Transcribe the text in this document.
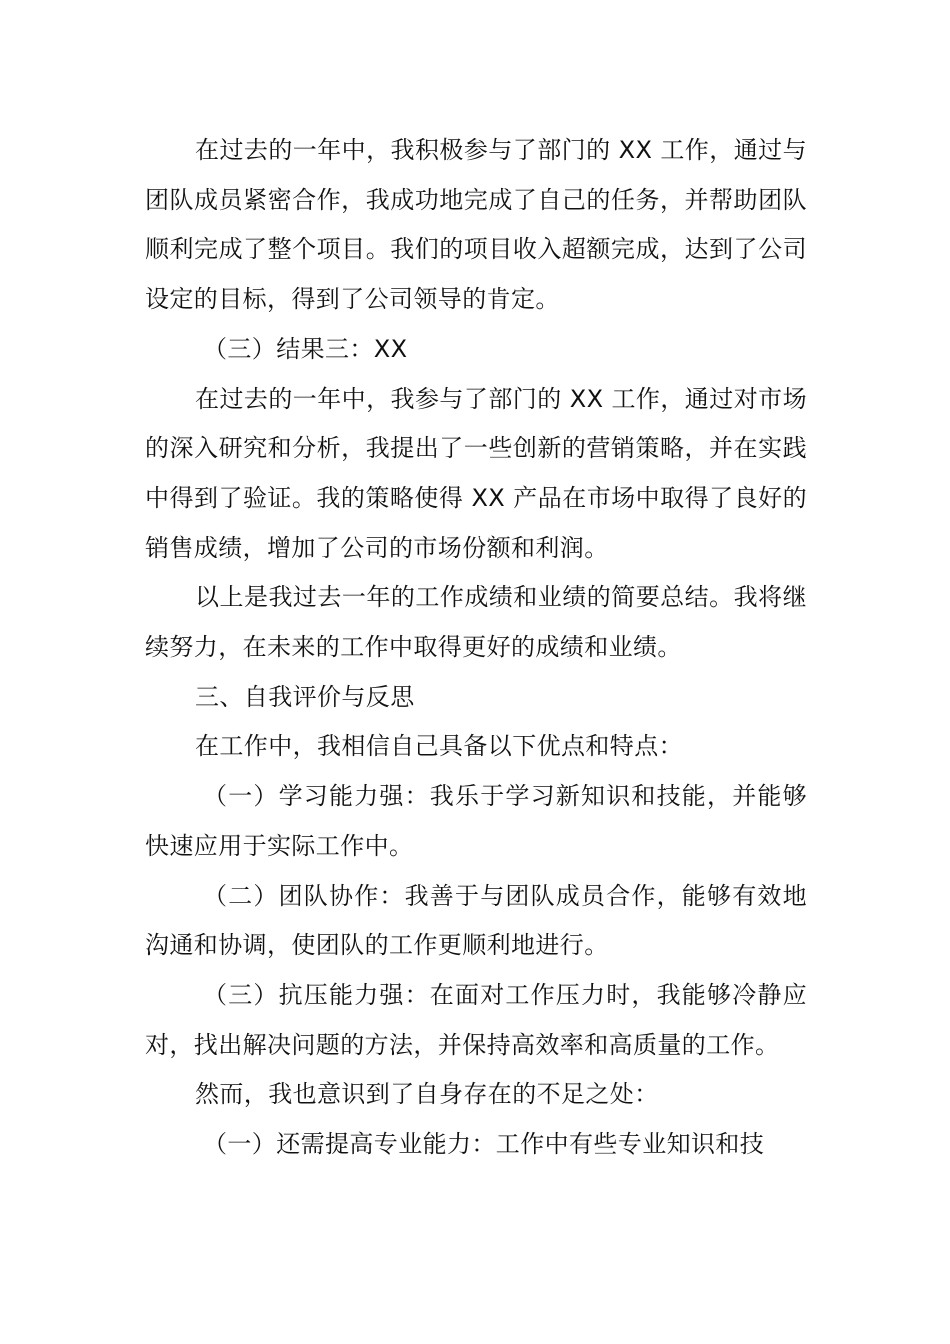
在过去的一年中，我积极参与了部门的 XX 工作，通过与团队成员紧密合作，我成功地完成了自己的任务，并帮助团队顺利完成了整个项目。我们的项目收入超额完成，达到了公司设定的目标，得到了公司领导的肯定。

（三）结果三：XX

在过去的一年中，我参与了部门的 XX 工作，通过对市场的深入研究和分析，我提出了一些创新的营销策略，并在实践中得到了验证。我的策略使得 XX 产品在市场中取得了良好的销售成绩，增加了公司的市场份额和利润。

以上是我过去一年的工作成绩和业绩的简要总结。我将继续努力，在未来的工作中取得更好的成绩和业绩。

三、自我评价与反思

在工作中，我相信自己具备以下优点和特点：

（一）学习能力强：我乐于学习新知识和技能，并能够快速应用于实际工作中。

（二）团队协作：我善于与团队成员合作，能够有效地沟通和协调，使团队的工作更顺利地进行。

（三）抗压能力强：在面对工作压力时，我能够冷静应对，找出解决问题的方法，并保持高效率和高质量的工作。

然而，我也意识到了自身存在的不足之处：

（一）还需提高专业能力：工作中有些专业知识和技
